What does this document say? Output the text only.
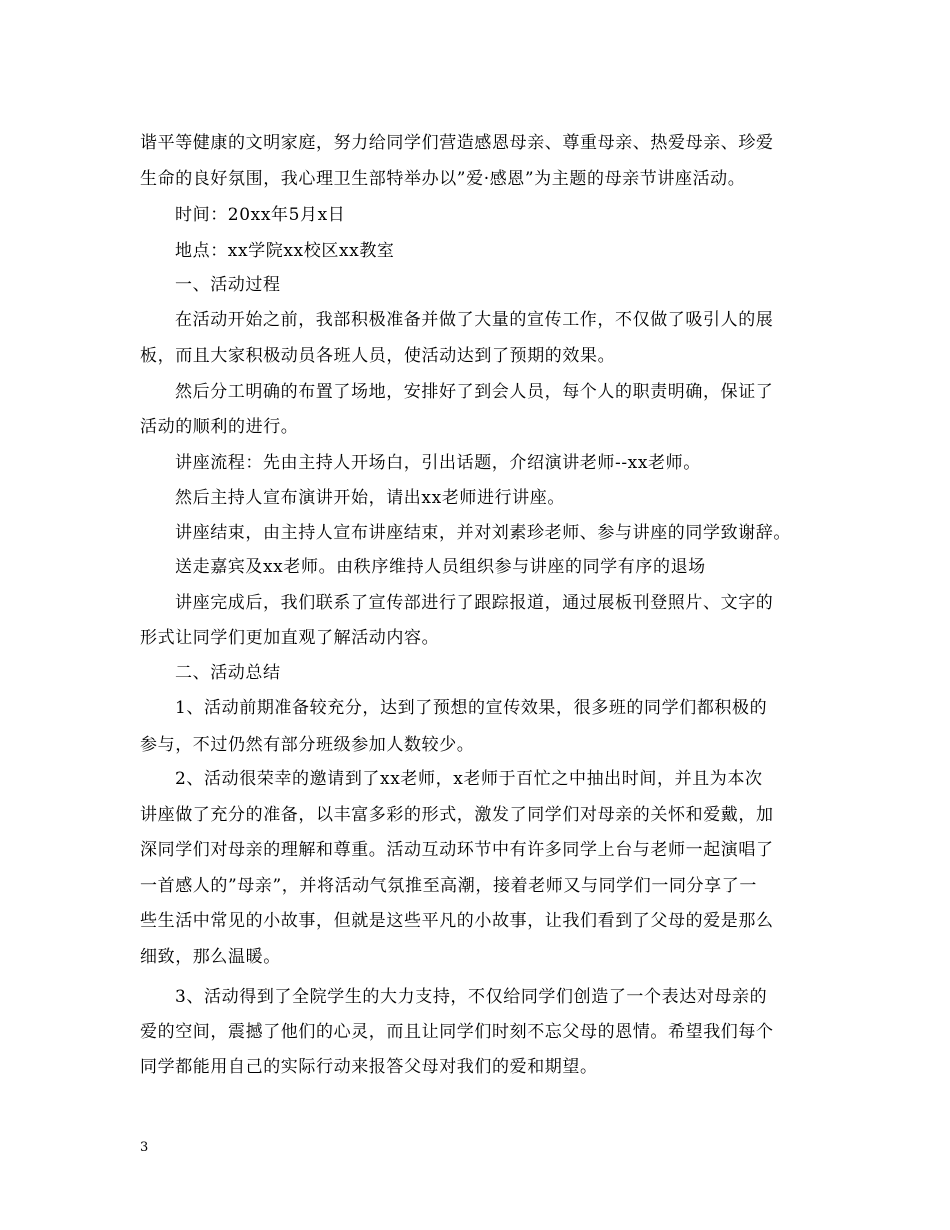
谐平等健康的文明家庭，努力给同学们营造感恩母亲、尊重母亲、热爱母亲、珍爱
生命的良好氛围，我心理卫生部特举办以”爱·感恩”为主题的母亲节讲座活动。
时间：20xx年5月x日
地点：xx学院xx校区xx教室
一、活动过程
在活动开始之前，我部积极准备并做了大量的宣传工作，不仅做了吸引人的展
板，而且大家积极动员各班人员，使活动达到了预期的效果。
然后分工明确的布置了场地，安排好了到会人员，每个人的职责明确，保证了
活动的顺利的进行。
讲座流程：先由主持人开场白，引出话题，介绍演讲老师--xx老师。
然后主持人宣布演讲开始，请出xx老师进行讲座。
讲座结束，由主持人宣布讲座结束，并对刘素珍老师、参与讲座的同学致谢辞。
送走嘉宾及xx老师。由秩序维持人员组织参与讲座的同学有序的退场
讲座完成后，我们联系了宣传部进行了跟踪报道，通过展板刊登照片、文字的
形式让同学们更加直观了解活动内容。
二、活动总结
1、活动前期准备较充分，达到了预想的宣传效果，很多班的同学们都积极的
参与，不过仍然有部分班级参加人数较少。
2、活动很荣幸的邀请到了xx老师，x老师于百忙之中抽出时间，并且为本次
讲座做了充分的准备，以丰富多彩的形式，激发了同学们对母亲的关怀和爱戴，加
深同学们对母亲的理解和尊重。活动互动环节中有许多同学上台与老师一起演唱了
一首感人的”母亲”，并将活动气氛推至高潮，接着老师又与同学们一同分享了一
些生活中常见的小故事，但就是这些平凡的小故事，让我们看到了父母的爱是那么
细致，那么温暖。
3、活动得到了全院学生的大力支持，不仅给同学们创造了一个表达对母亲的
爱的空间，震撼了他们的心灵，而且让同学们时刻不忘父母的恩情。希望我们每个
同学都能用自己的实际行动来报答父母对我们的爱和期望。
3
